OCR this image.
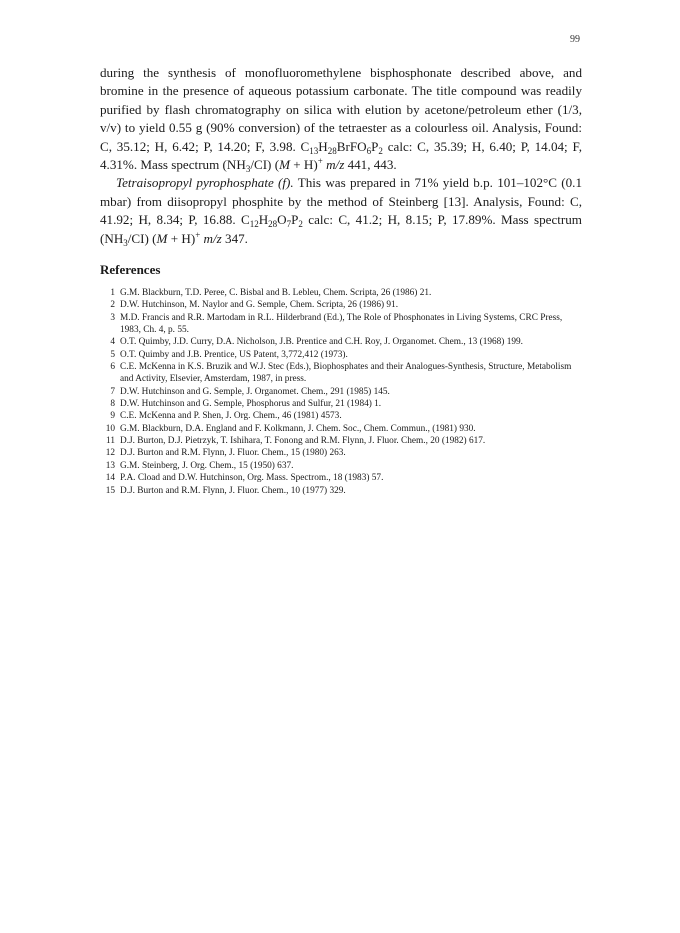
99

during the synthesis of monofluoromethylene bisphosphonate described above, and bromine in the presence of aqueous potassium carbonate. The title compound was readily purified by flash chromatography on silica with elution by acetone/petroleum ether (1/3, v/v) to yield 0.55 g (90% conversion) of the tetraester as a colourless oil. Analysis, Found: C, 35.12; H, 6.42; P, 14.20; F, 3.98. $C_{13}H_{28}BrFO_6P_2$ calc: C, 35.39; H, 6.40; P, 14.04; F, 4.31%. Mass spectrum $(NH_3/CI) (M + H)^+$ m/z 441, 443.

Tetraisopropyl pyrophosphate (f). This was prepared in 71% yield b.p. 101–102°C (0.1 mbar) from diisopropyl phosphite by the method of Steinberg [13]. Analysis, Found: C, 41.92; H, 8.34; P, 16.88. $C_{12}H_{28}O_7P_2$ calc: C, 41.2; H, 8.15; P, 17.89%. Mass spectrum $(NH_3/CI) (M + H)^+$ m/z 347.

References
1 G.M. Blackburn, T.D. Peree, C. Bisbal and B. Lebleu, Chem. Scripta, 26 (1986) 21.
2 D.W. Hutchinson, M. Naylor and G. Semple, Chem. Scripta, 26 (1986) 91.
3 M.D. Francis and R.R. Martodam in R.L. Hilderbrand (Ed.), The Role of Phosphonates in Living Systems, CRC Press, 1983, Ch. 4, p. 55.
4 O.T. Quimby, J.D. Curry, D.A. Nicholson, J.B. Prentice and C.H. Roy, J. Organomet. Chem., 13 (1968) 199.
5 O.T. Quimby and J.B. Prentice, US Patent, 3,772,412 (1973).
6 C.E. McKenna in K.S. Bruzik and W.J. Stec (Eds.), Biophosphates and their Analogues-Synthesis, Structure, Metabolism and Activity, Elsevier, Amsterdam, 1987, in press.
7 D.W. Hutchinson and G. Semple, J. Organomet. Chem., 291 (1985) 145.
8 D.W. Hutchinson and G. Semple, Phosphorus and Sulfur, 21 (1984) 1.
9 C.E. McKenna and P. Shen, J. Org. Chem., 46 (1981) 4573.
10 G.M. Blackburn, D.A. England and F. Kolkmann, J. Chem. Soc., Chem. Commun., (1981) 930.
11 D.J. Burton, D.J. Pietrzyk, T. Ishihara, T. Fonong and R.M. Flynn, J. Fluor. Chem., 20 (1982) 617.
12 D.J. Burton and R.M. Flynn, J. Fluor. Chem., 15 (1980) 263.
13 G.M. Steinberg, J. Org. Chem., 15 (1950) 637.
14 P.A. Cload and D.W. Hutchinson, Org. Mass. Spectrom., 18 (1983) 57.
15 D.J. Burton and R.M. Flynn, J. Fluor. Chem., 10 (1977) 329.
